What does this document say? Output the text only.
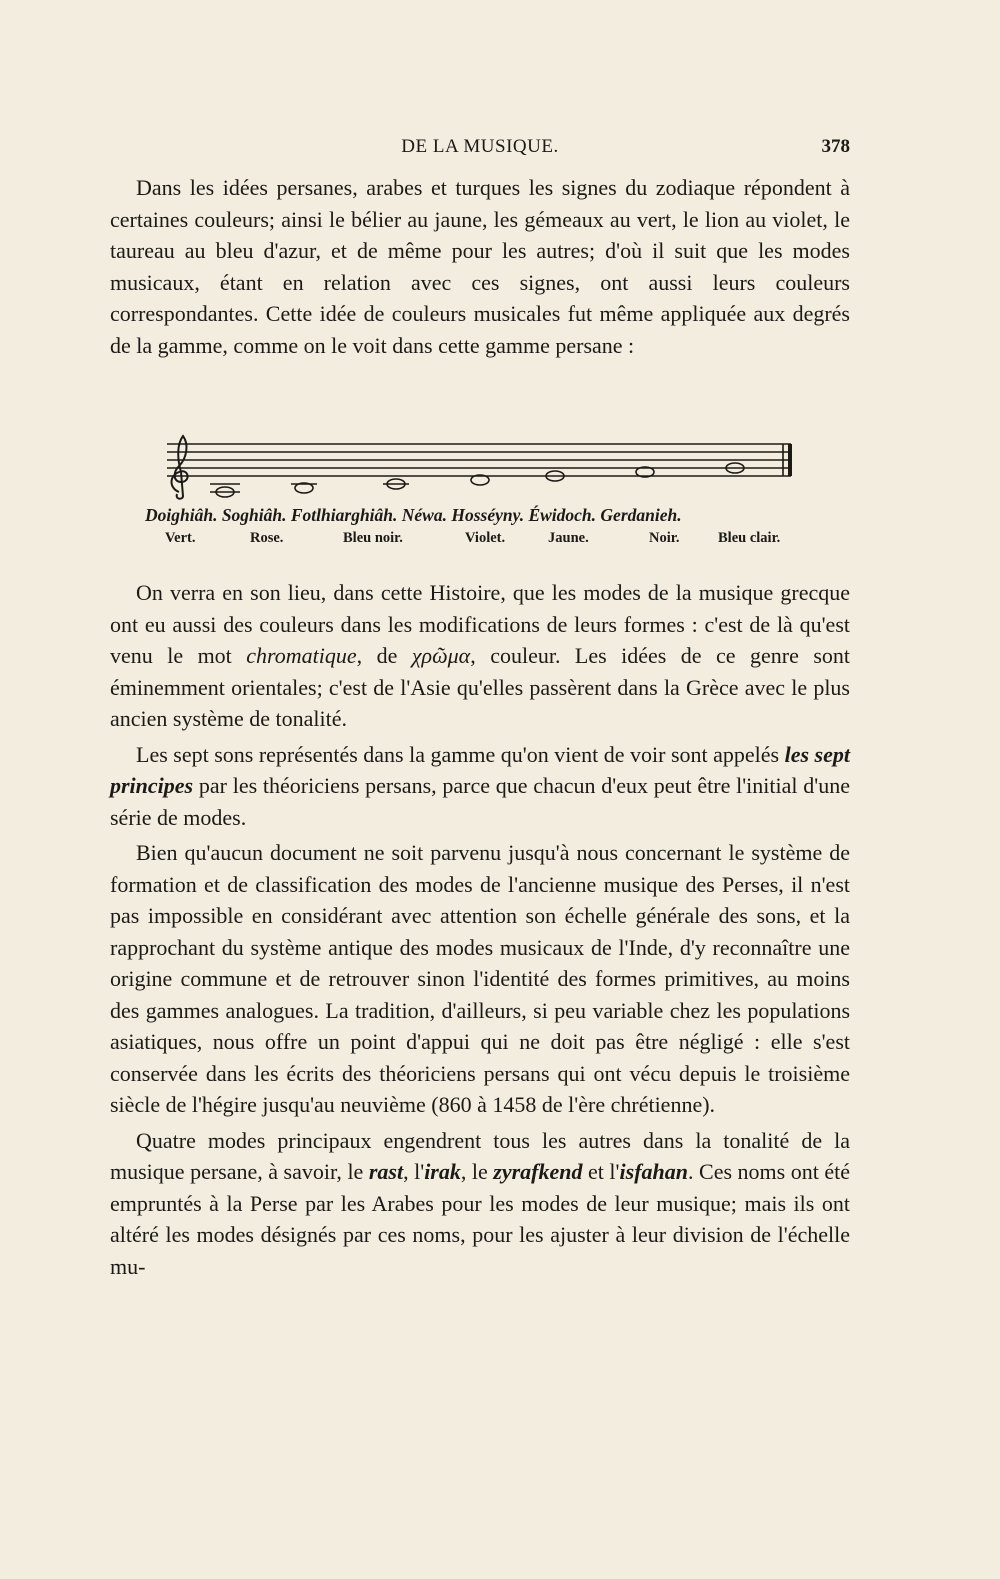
DE LA MUSIQUE.	378

Dans les idées persanes, arabes et turques les signes du zodiaque répondent à certaines couleurs; ainsi le bélier au jaune, les gémeaux au vert, le lion au violet, le taureau au bleu d'azur, et de même pour les autres; d'où il suit que les modes musicaux, étant en relation avec ces signes, ont aussi leurs couleurs correspondantes. Cette idée de couleurs musicales fut même appliquée aux degrés de la gamme, comme on le voit dans cette gamme persane :

Doighiâh. Soghiâh. Fotlhiarghiâh. Néwa. Hosséyny. Éwidoch. Gerdanieh.
Vert.	Rose.	Bleu noir.	Violet.	Jaune.	Noir.	Bleu clair.

On verra en son lieu, dans cette Histoire, que les modes de la musique grecque ont eu aussi des couleurs dans les modifications de leurs formes : c'est de là qu'est venu le mot chromatique, de χρῶμα, couleur. Les idées de ce genre sont éminemment orientales; c'est de l'Asie qu'elles passèrent dans la Grèce avec le plus ancien système de tonalité.

Les sept sons représentés dans la gamme qu'on vient de voir sont appelés les sept principes par les théoriciens persans, parce que chacun d'eux peut être l'initial d'une série de modes.

Bien qu'aucun document ne soit parvenu jusqu'à nous concernant le système de formation et de classification des modes de l'ancienne musique des Perses, il n'est pas impossible en considérant avec attention son échelle générale des sons, et la rapprochant du système antique des modes musicaux de l'Inde, d'y reconnaître une origine commune et de retrouver sinon l'identité des formes primitives, au moins des gammes analogues. La tradition, d'ailleurs, si peu variable chez les populations asiatiques, nous offre un point d'appui qui ne doit pas être négligé : elle s'est conservée dans les écrits des théoriciens persans qui ont vécu depuis le troisième siècle de l'hégire jusqu'au neuvième (860 à 1458 de l'ère chrétienne).

Quatre modes principaux engendrent tous les autres dans la tonalité de la musique persane, à savoir, le rast, l'irak, le zyrafkend et l'isfahan. Ces noms ont été empruntés à la Perse par les Arabes pour les modes de leur musique; mais ils ont altéré les modes désignés par ces noms, pour les ajuster à leur division de l'échelle mu-
